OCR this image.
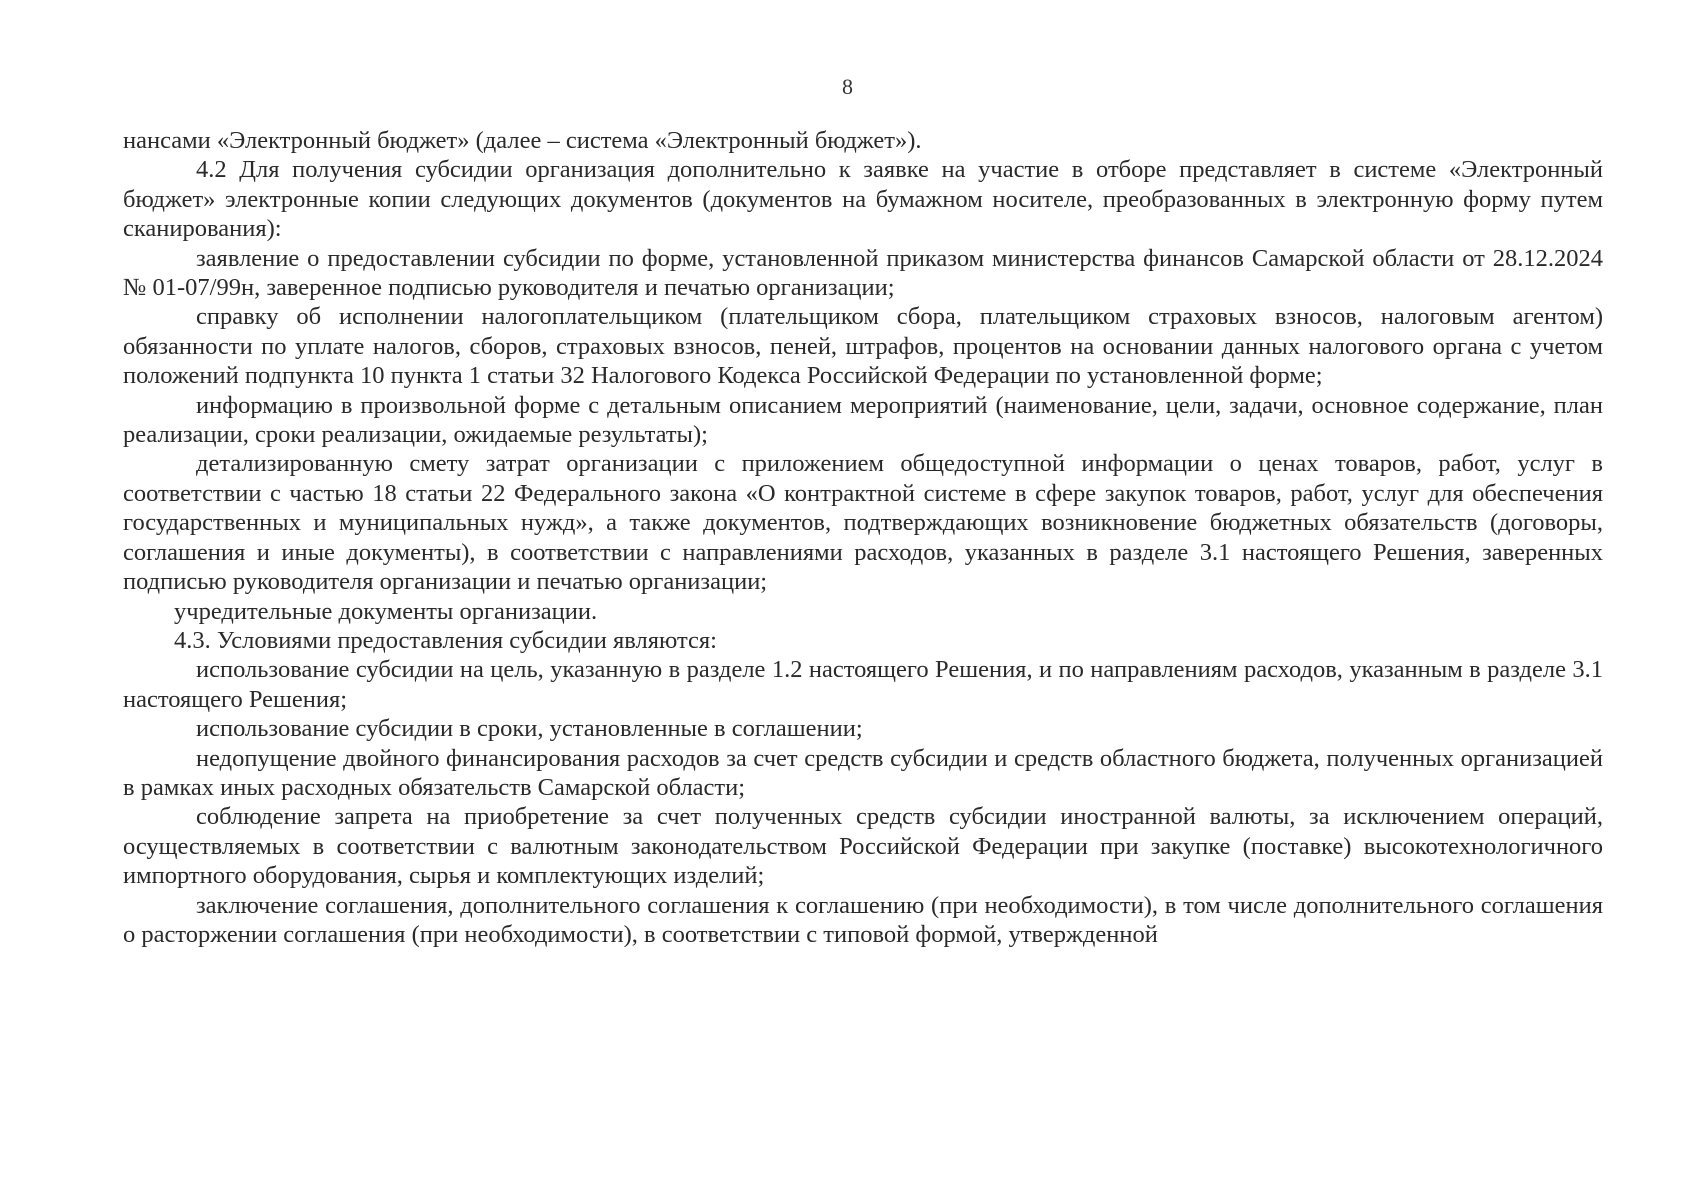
8

нансами «Электронный бюджет» (далее – система «Электронный бюджет»).

4.2 Для получения субсидии организация дополнительно к заявке на участие в отборе представляет в системе «Электронный бюджет» электронные копии следующих документов (документов на бумажном носителе, преобразованных в электронную форму путем сканирования):

заявление о предоставлении субсидии по форме, установленной приказом министерства финансов Самарской области от 28.12.2024 № 01-07/99н, заверенное подписью руководителя и печатью организации;

справку об исполнении налогоплательщиком (плательщиком сбора, плательщиком страховых взносов, налоговым агентом) обязанности по уплате налогов, сборов, страховых взносов, пеней, штрафов, процентов на основании данных налогового органа с учетом положений подпункта 10 пункта 1 статьи 32 Налогового Кодекса Российской Федерации по установленной форме;

информацию в произвольной форме с детальным описанием мероприятий (наименование, цели, задачи, основное содержание, план реализации, сроки реализации, ожидаемые результаты);

детализированную смету затрат организации с приложением общедоступной информации о ценах товаров, работ, услуг в соответствии с частью 18 статьи 22 Федерального закона «О контрактной системе в сфере закупок товаров, работ, услуг для обеспечения государственных и муниципальных нужд», а также документов, подтверждающих возникновение бюджетных обязательств (договоры, соглашения и иные документы), в соответствии с направлениями расходов, указанных в разделе 3.1 настоящего Решения, заверенных подписью руководителя организации и печатью организации;

учредительные документы организации.

4.3. Условиями предоставления субсидии являются:

использование субсидии на цель, указанную в разделе 1.2 настоящего Решения, и по направлениям расходов, указанным в разделе 3.1 настоящего Решения;

использование субсидии в сроки, установленные в соглашении;

недопущение двойного финансирования расходов за счет средств субсидии и средств областного бюджета, полученных организацией в рамках иных расходных обязательств Самарской области;

соблюдение запрета на приобретение за счет полученных средств субсидии иностранной валюты, за исключением операций, осуществляемых в соответствии с валютным законодательством Российской Федерации при закупке (поставке) высокотехнологичного импортного оборудования, сырья и комплектующих изделий;

заключение соглашения, дополнительного соглашения к соглашению (при необходимости), в том числе дополнительного соглашения о расторжении соглашения (при необходимости), в соответствии с типовой формой, утвержденной
